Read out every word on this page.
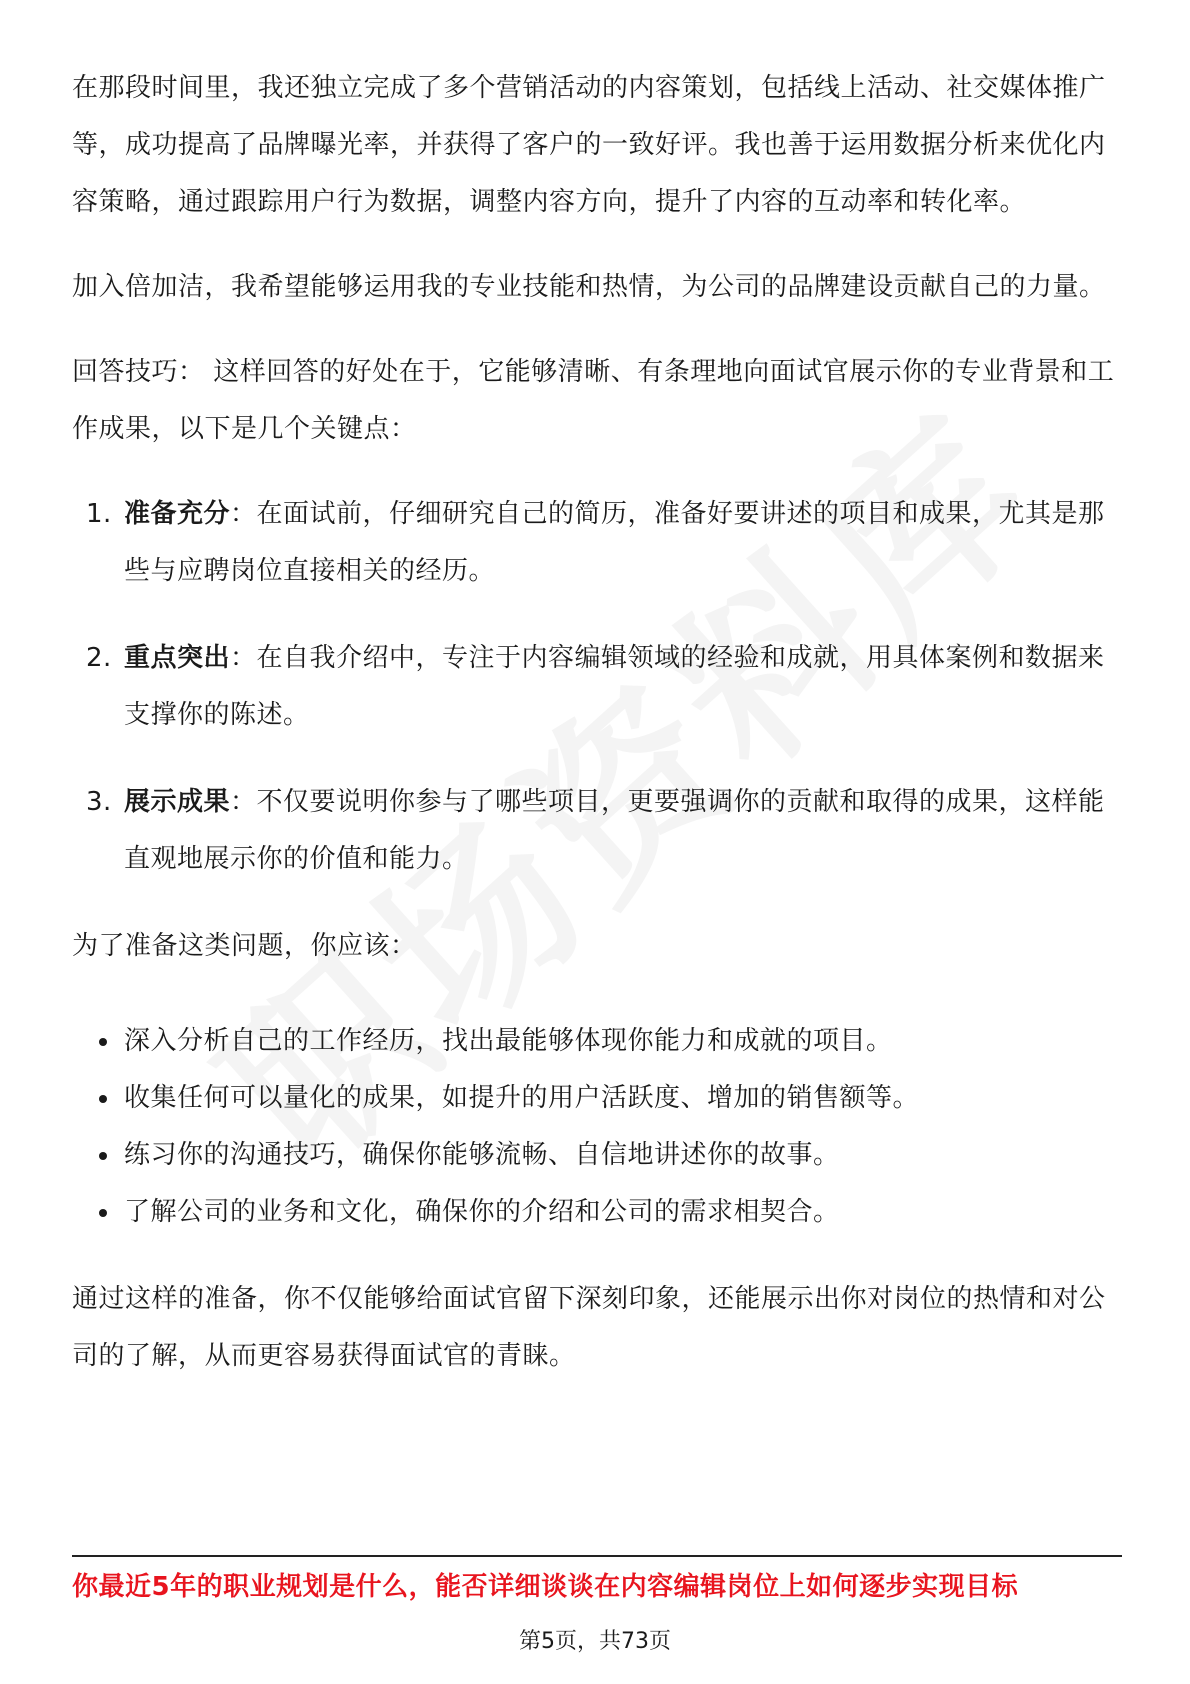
在那段时间里，我还独立完成了多个营销活动的内容策划，包括线上活动、社交媒体推广等，成功提高了品牌曝光率，并获得了客户的一致好评。我也善于运用数据分析来优化内容策略，通过跟踪用户行为数据，调整内容方向，提升了内容的互动率和转化率。

加入倍加洁，我希望能够运用我的专业技能和热情，为公司的品牌建设贡献自己的力量。

回答技巧： 这样回答的好处在于，它能够清晰、有条理地向面试官展示你的专业背景和工作成果，以下是几个关键点：

1. 准备充分：在面试前，仔细研究自己的简历，准备好要讲述的项目和成果，尤其是那些与应聘岗位直接相关的经历。
2. 重点突出：在自我介绍中，专注于内容编辑领域的经验和成就，用具体案例和数据来支撑你的陈述。
3. 展示成果：不仅要说明你参与了哪些项目，更要强调你的贡献和取得的成果，这样能直观地展示你的价值和能力。

为了准备这类问题，你应该：

深入分析自己的工作经历，找出最能够体现你能力和成就的项目。
收集任何可以量化的成果，如提升的用户活跃度、增加的销售额等。
练习你的沟通技巧，确保你能够流畅、自信地讲述你的故事。
了解公司的业务和文化，确保你的介绍和公司的需求相契合。

通过这样的准备，你不仅能够给面试官留下深刻印象，还能展示出你对岗位的热情和对公司的了解，从而更容易获得面试官的青睐。

你最近5年的职业规划是什么，能否详细谈谈在内容编辑岗位上如何逐步实现目标
第5页，共73页
